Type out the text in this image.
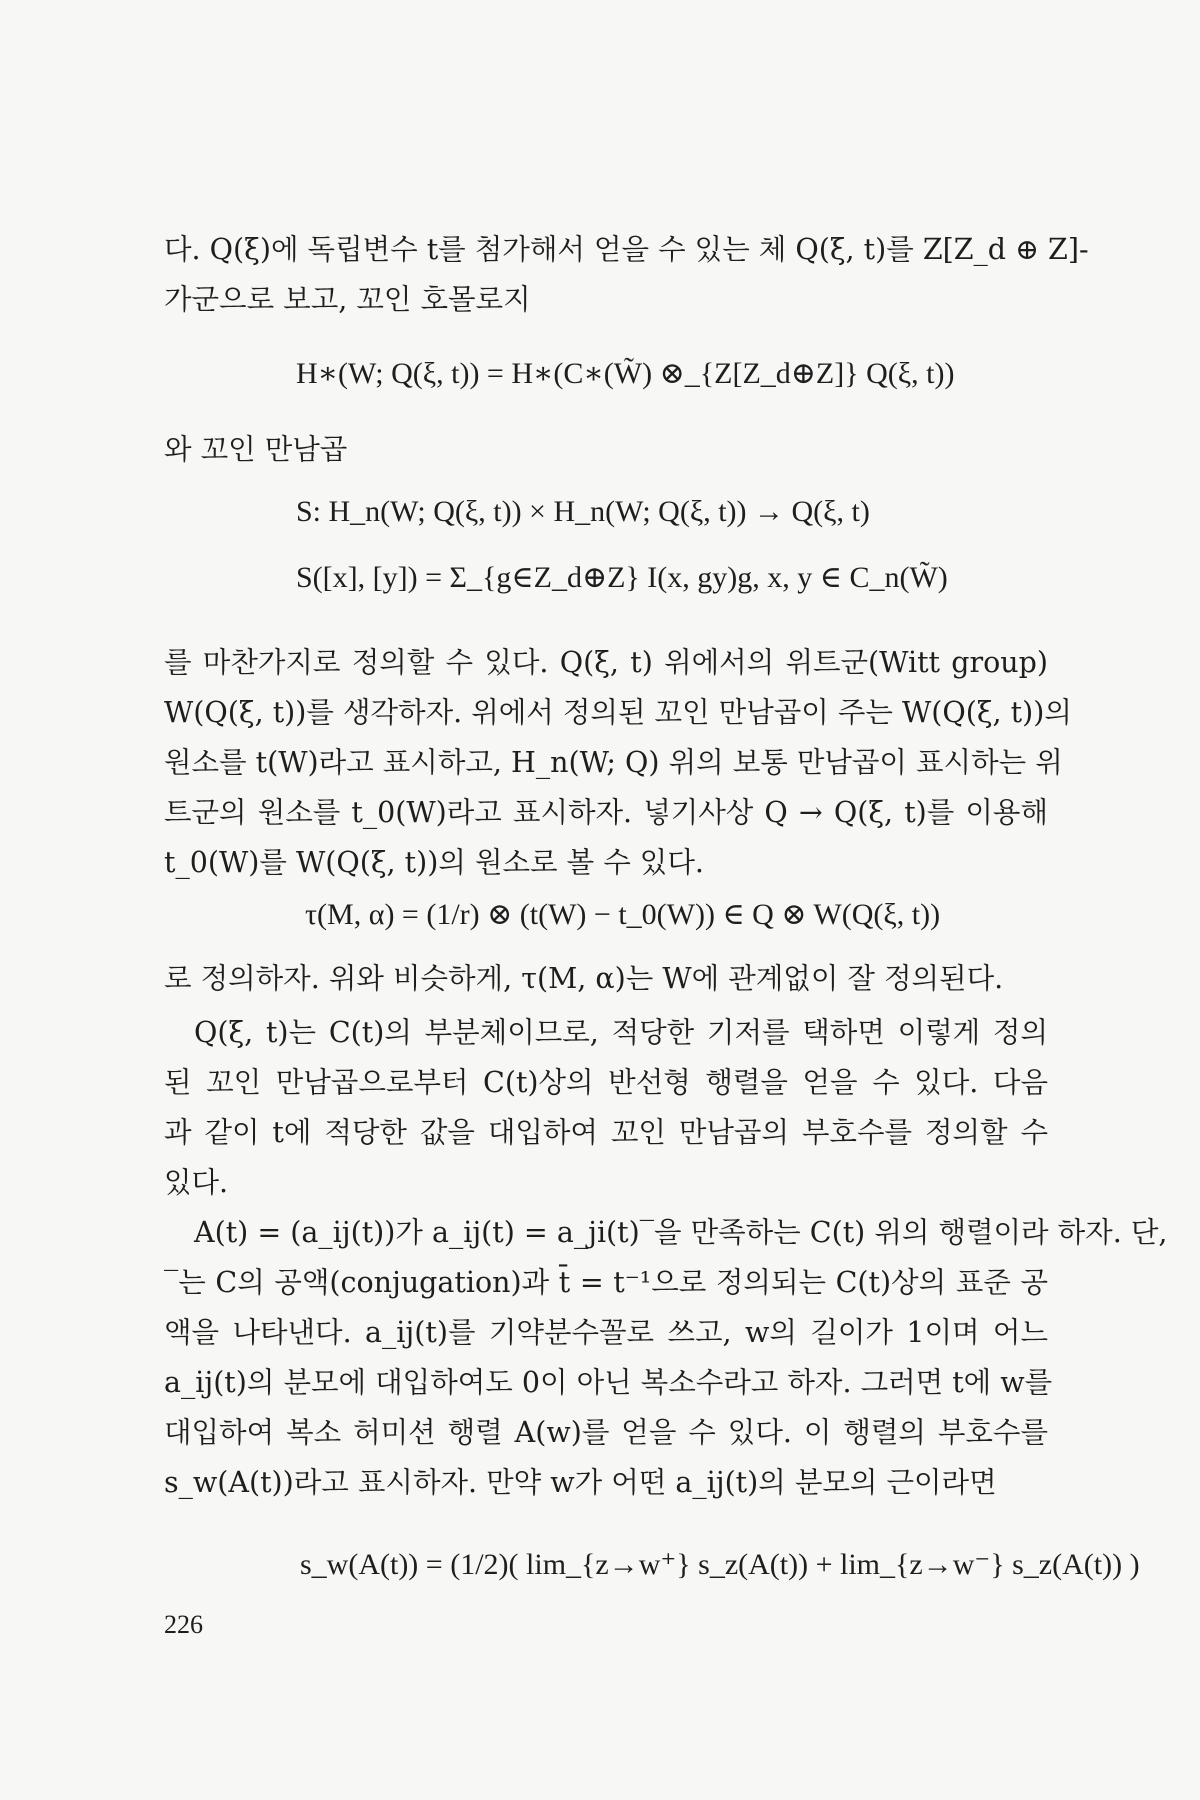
다. Q(ξ)에 독립변수 t를 첨가해서 얻을 수 있는 체 Q(ξ, t)를 Z[Z_d ⊕ Z]-
가군으로 보고, 꼬인 호몰로지
H∗(W; Q(ξ, t)) = H∗(C∗(W̃) ⊗_{Z[Z_d⊕Z]} Q(ξ, t))
와 꼬인 만남곱
S: H_n(W; Q(ξ, t)) × H_n(W; Q(ξ, t)) → Q(ξ, t)
S([x], [y]) = Σ_{g∈Z_d⊕Z} I(x, gy)g, x, y ∈ C_n(W̃)
를 마찬가지로 정의할 수 있다. Q(ξ, t) 위에서의 위트군(Witt group)
W(Q(ξ, t))를 생각하자. 위에서 정의된 꼬인 만남곱이 주는 W(Q(ξ, t))의
원소를 t(W)라고 표시하고, H_n(W; Q) 위의 보통 만남곱이 표시하는 위
트군의 원소를 t_0(W)라고 표시하자. 넣기사상 Q → Q(ξ, t)를 이용해
t_0(W)를 W(Q(ξ, t))의 원소로 볼 수 있다.
τ(M, α) = (1/r) ⊗ (t(W) − t_0(W)) ∈ Q ⊗ W(Q(ξ, t))
로 정의하자. 위와 비슷하게, τ(M, α)는 W에 관계없이 잘 정의된다.
Q(ξ, t)는 C(t)의 부분체이므로, 적당한 기저를 택하면 이렇게 정의
된 꼬인 만남곱으로부터 C(t)상의 반선형 행렬을 얻을 수 있다. 다음
과 같이 t에 적당한 값을 대입하여 꼬인 만남곱의 부호수를 정의할 수
있다.
A(t) = (a_ij(t))가 a_ij(t) = a_ji(t)‾을 만족하는 C(t) 위의 행렬이라 하자. 단,
‾는 C의 공액(conjugation)과 t̄ = t⁻¹으로 정의되는 C(t)상의 표준 공
액을 나타낸다. a_ij(t)를 기약분수꼴로 쓰고, w의 길이가 1이며 어느
a_ij(t)의 분모에 대입하여도 0이 아닌 복소수라고 하자. 그러면 t에 w를
대입하여 복소 허미션 행렬 A(w)를 얻을 수 있다. 이 행렬의 부호수를
s_w(A(t))라고 표시하자. 만약 w가 어떤 a_ij(t)의 분모의 근이라면
s_w(A(t)) = (1/2)( lim_{z→w⁺} s_z(A(t)) + lim_{z→w⁻} s_z(A(t)) )
226
